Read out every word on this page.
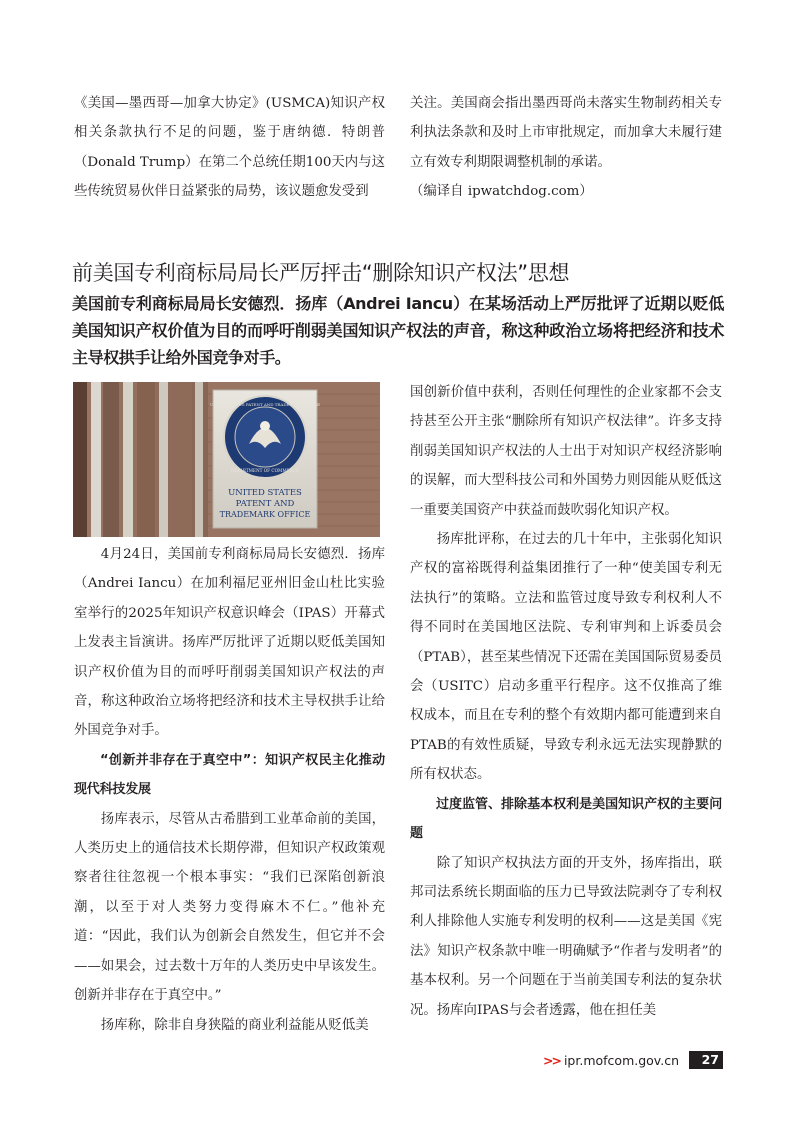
《美国—墨西哥—加拿大协定》(USMCA)知识产权相关条款执行不足的问题，鉴于唐纳德．特朗普（Donald Trump）在第二个总统任期100天内与这些传统贸易伙伴日益紧张的局势，该议题愈发受到

关注。美国商会指出墨西哥尚未落实生物制药相关专利执法条款和及时上市审批规定，而加拿大未履行建立有效专利期限调整机制的承诺。

（编译自 ipwatchdog.com）

前美国专利商标局局长严厉抨击“删除知识产权法”思想

美国前专利商标局局长安德烈．扬库（Andrei Iancu）在某场活动上严厉批评了近期以贬低美国知识产权价值为目的而呼吁削弱美国知识产权法的声音，称这种政治立场将把经济和技术主导权拱手让给外国竞争对手。

UNITED STATES PATENT AND TRADEMARK OFFICE
DEPARTMENT OF COMMERCE
UNITED STATES
PATENT AND
TRADEMARK OFFICE

4月24日，美国前专利商标局局长安德烈．扬库（Andrei Iancu）在加利福尼亚州旧金山杜比实验室举行的2025年知识产权意识峰会（IPAS）开幕式上发表主旨演讲。扬库严厉批评了近期以贬低美国知识产权价值为目的而呼吁削弱美国知识产权法的声音，称这种政治立场将把经济和技术主导权拱手让给外国竞争对手。

“创新并非存在于真空中”：知识产权民主化推动现代科技发展

扬库表示，尽管从古希腊到工业革命前的美国，人类历史上的通信技术长期停滞，但知识产权政策观察者往往忽视一个根本事实：“我们已深陷创新浪潮，以至于对人类努力变得麻木不仁。”他补充道：“因此，我们认为创新会自然发生，但它并不会——如果会，过去数十万年的人类历史中早该发生。创新并非存在于真空中。”

扬库称，除非自身狭隘的商业利益能从贬低美

国创新价值中获利，否则任何理性的企业家都不会支持甚至公开主张“删除所有知识产权法律”。许多支持削弱美国知识产权法的人士出于对知识产权经济影响的误解，而大型科技公司和外国势力则因能从贬低这一重要美国资产中获益而鼓吹弱化知识产权。

扬库批评称，在过去的几十年中，主张弱化知识产权的富裕既得利益集团推行了一种“使美国专利无法执行”的策略。立法和监管过度导致专利权利人不得不同时在美国地区法院、专利审判和上诉委员会（PTAB），甚至某些情况下还需在美国国际贸易委员会（USITC）启动多重平行程序。这不仅推高了维权成本，而且在专利的整个有效期内都可能遭到来自PTAB的有效性质疑，导致专利永远无法实现静默的所有权状态。

过度监管、排除基本权利是美国知识产权的主要问题

除了知识产权执法方面的开支外，扬库指出，联邦司法系统长期面临的压力已导致法院剥夺了专利权利人排除他人实施专利发明的权利——这是美国《宪法》知识产权条款中唯一明确赋予“作者与发明者”的基本权利。另一个问题在于当前美国专利法的复杂状况。扬库向IPAS与会者透露，他在担任美

>> ipr.mofcom.gov.cn	27
